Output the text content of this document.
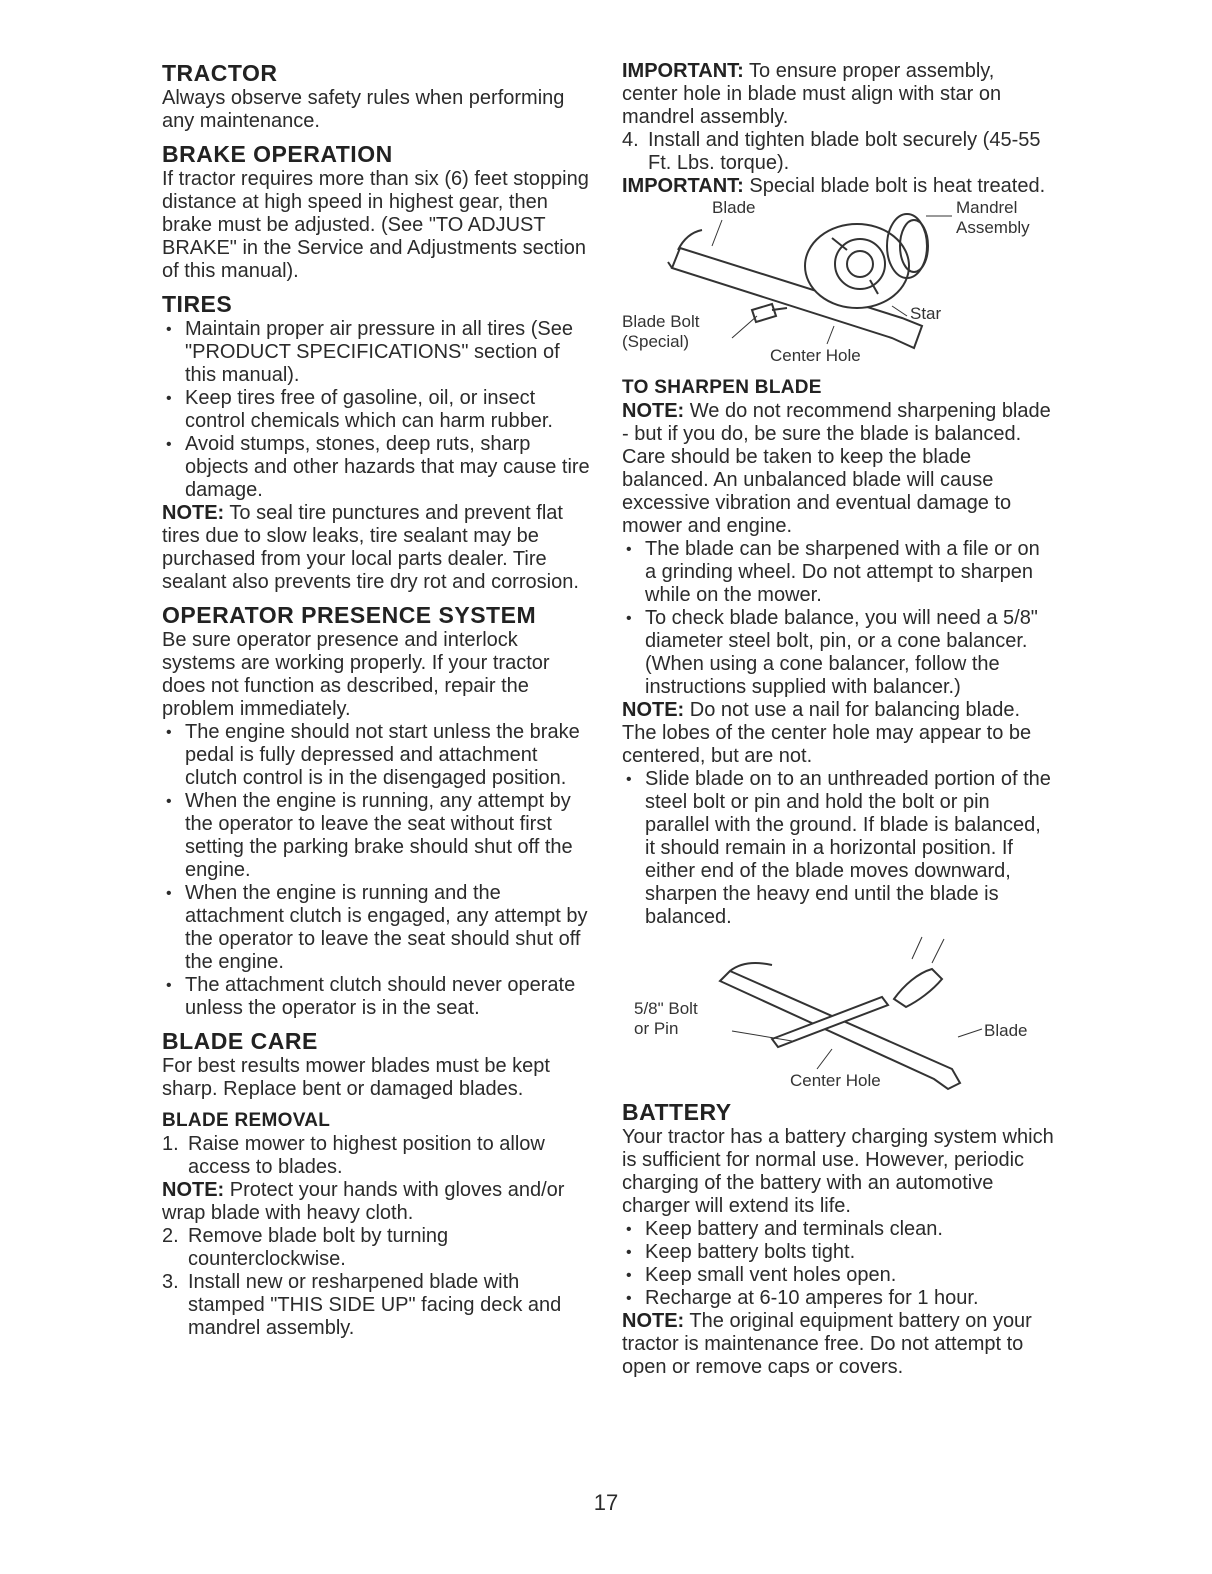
TRACTOR

Always observe safety rules when performing any maintenance.

BRAKE OPERATION

If tractor requires more than six (6) feet stopping distance at high speed in highest gear, then brake must be adjusted. (See "TO ADJUST BRAKE" in the Service and Adjustments section of this manual).

TIRES
• Maintain proper air pressure in all tires (See "PRODUCT SPECIFICATIONS" section of this manual).
• Keep tires free of gasoline, oil, or insect control chemicals which can harm rubber.
• Avoid stumps, stones, deep ruts, sharp objects and other hazards that may cause tire damage.

NOTE: To seal tire punctures and prevent flat tires due to slow leaks, tire sealant may be purchased from your local parts dealer. Tire sealant also prevents tire dry rot and corrosion.

OPERATOR PRESENCE SYSTEM

Be sure operator presence and interlock systems are working properly. If your tractor does not function as described, repair the problem immediately.

• The engine should not start unless the brake pedal is fully depressed and attachment clutch control is in the disengaged position.
• When the engine is running, any attempt by the operator to leave the seat without first setting the parking brake should shut off the engine.
• When the engine is running and the attachment clutch is engaged, any attempt by the operator to leave the seat should shut off the engine.
• The attachment clutch should never operate unless the operator is in the seat.
BLADE CARE

For best results mower blades must be kept sharp. Replace bent or damaged blades.

BLADE REMOVAL
1. Raise mower to highest position to allow access to blades.

NOTE: Protect your hands with gloves and/or wrap blade with heavy cloth.

2. Remove blade bolt by turning counterclockwise.
3. Install new or resharpened blade with stamped "THIS SIDE UP" facing deck and mandrel assembly.

IMPORTANT: To ensure proper assembly, center hole in blade must align with star on mandrel assembly.

4. Install and tighten blade bolt securely (45-55 Ft. Lbs. torque).

IMPORTANT: Special blade bolt is heat treated.

Blade	Mandrel
Assembly
Star
Blade Bolt
(Special)
Center Hole
TO SHARPEN BLADE

NOTE: We do not recommend sharpening blade - but if you do, be sure the blade is balanced.

Care should be taken to keep the blade balanced. An unbalanced blade will cause excessive vibration and eventual damage to mower and engine.

• The blade can be sharpened with a file or on a grinding wheel. Do not attempt to sharpen while on the mower.
• To check blade balance, you will need a 5/8" diameter steel bolt, pin, or a cone balancer. (When using a cone balancer, follow the instructions supplied with balancer.)

NOTE: Do not use a nail for balancing blade. The lobes of the center hole may appear to be centered, but are not.

• Slide blade on to an unthreaded portion of the steel bolt or pin and hold the bolt or pin parallel with the ground. If blade is balanced, it should remain in a horizontal position. If either end of the blade moves downward, sharpen the heavy end until the blade is balanced.
5/8" Bolt
or Pin	Blade
Center Hole
BATTERY

Your tractor has a battery charging system which is sufficient for normal use. However, periodic charging of the battery with an automotive charger will extend its life.

• Keep battery and terminals clean.
• Keep battery bolts tight.
• Keep small vent holes open.
• Recharge at 6-10 amperes for 1 hour.

NOTE: The original equipment battery on your tractor is maintenance free. Do not attempt to open or remove caps or covers.

17
